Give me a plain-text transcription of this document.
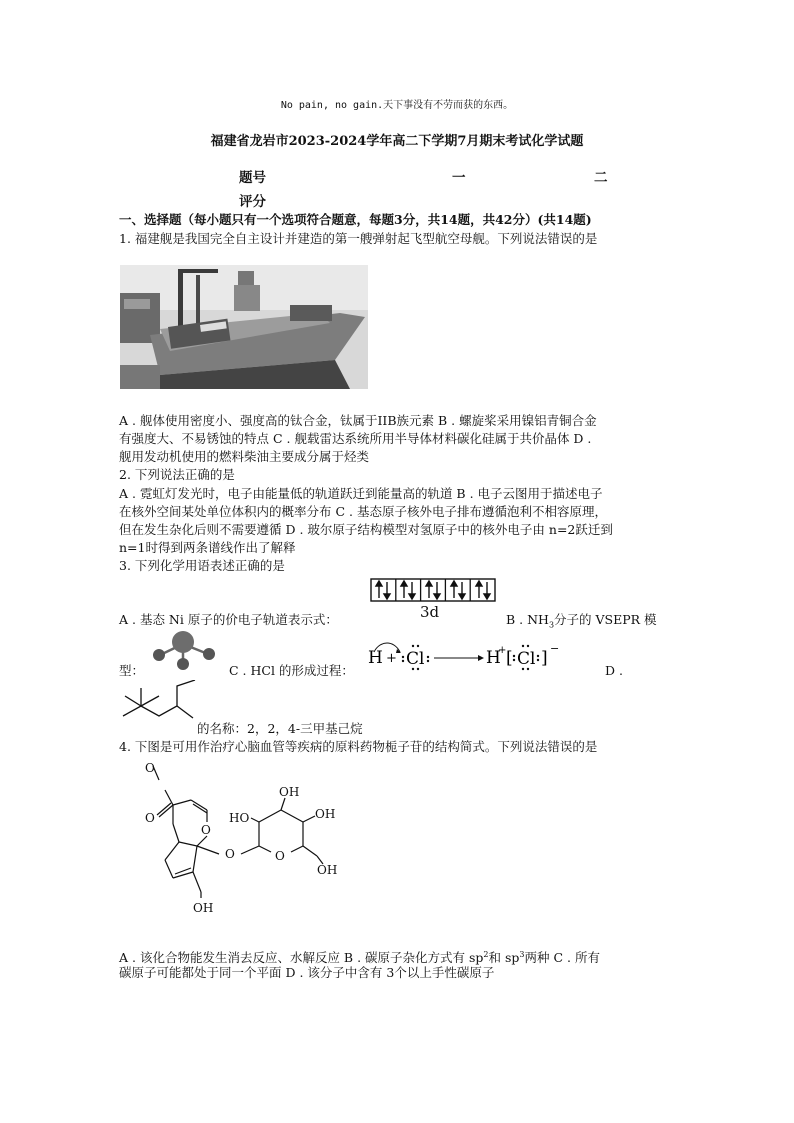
No pain, no gain.天下事没有不劳而获的东西。
福建省龙岩市2023-2024学年高二下学期7月期末考试化学试题
题号	一	二
评分
一、选择题（每小题只有一个选项符合题意，每题3分，共14题，共42分）(共14题)
1. 福建舰是我国完全自主设计并建造的第一艘弹射起飞型航空母舰。下列说法错误的是
A . 舰体使用密度小、强度高的钛合金，钛属于IIB族元素 B . 螺旋桨采用镍铝青铜合金
有强度大、不易锈蚀的特点 C . 舰载雷达系统所用半导体材料碳化硅属于共价晶体 D .
舰用发动机使用的燃料柴油主要成分属于烃类
2. 下列说法正确的是
A . 霓虹灯发光时，电子由能量低的轨道跃迁到能量高的轨道 B . 电子云图用于描述电子
在核外空间某处单位体积内的概率分布 C . 基态原子核外电子排布遵循泡利不相容原理，
但在发生杂化后则不需要遵循 D . 玻尔原子结构模型对氢原子中的核外电子由 n=2跃迁到
n=1时得到两条谱线作出了解释
3. 下列化学用语表述正确的是
3d
A . 基态 Ni 原子的价电子轨道表示式：	B . $NH_3$分子的 VSEPR 模
型：	C . HCl 的形成过程：
H + Cl	H
+ [ Cl ] −
D .
的名称：2，2，4-三甲基己烷
4. 下图是可用作治疗心脑血管等疾病的原料药物栀子苷的结构简式。下列说法错误的是
O
O
O
O
O
OH
HO
OH
OH
OH
A . 该化合物能发生消去反应、水解反应 B . 碳原子杂化方式有 $sp^2$和 $sp^3$两种 C . 所有
碳原子可能都处于同一个平面 D . 该分子中含有 3个以上手性碳原子
